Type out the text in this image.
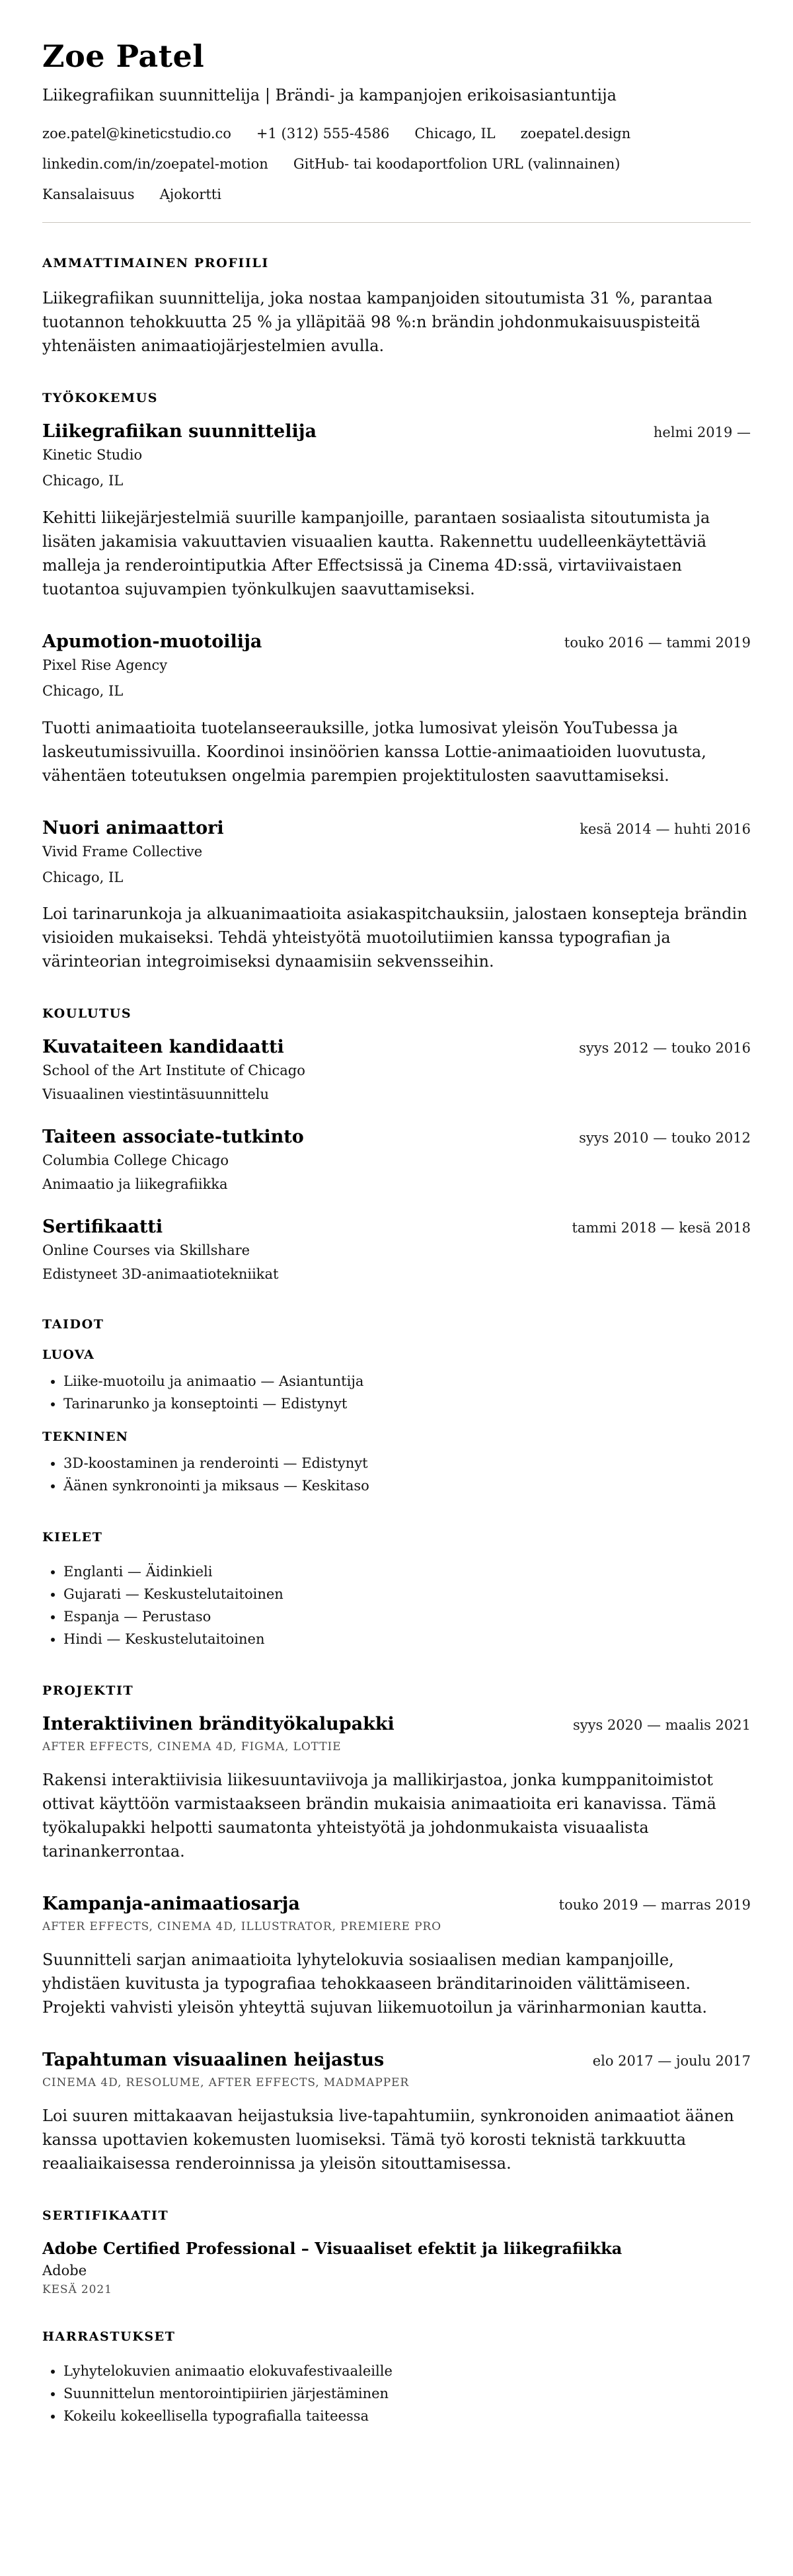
Zoe Patel
Liikegrafiikan suunnittelija | Brändi- ja kampanjojen erikoisasiantuntija
zoe.patel@kineticstudio.co +1 (312) 555-4586 Chicago, IL zoepatel.design
linkedin.com/in/zoepatel-motion GitHub- tai koodaportfolion URL (valinnainen)
Kansalaisuus Ajokortti
AMMATTIMAINEN PROFIILI

Liikegrafiikan suunnittelija, joka nostaa kampanjoiden sitoutumista 31 %, parantaa tuotannon tehokkuutta 25 % ja ylläpitää 98 %:n brändin johdonmukaisuuspisteitä yhtenäisten animaatiojärjestelmien avulla.

TYÖKOKEMUS
Liikegrafiikan suunnittelija	helmi 2019 —
Kinetic Studio
Chicago, IL

Kehitti liikejärjestelmiä suurille kampanjoille, parantaen sosiaalista sitoutumista ja lisäten jakamisia vakuuttavien visuaalien kautta. Rakennettu uudelleenkäytettäviä malleja ja renderointiputkia After Effectsissä ja Cinema 4D:ssä, virtaviivaistaen tuotantoa sujuvampien työnkulkujen saavuttamiseksi.

Apumotion-muotoilija	touko 2016 — tammi 2019
Pixel Rise Agency
Chicago, IL

Tuotti animaatioita tuotelanseerauksille, jotka lumosivat yleisön YouTubessa ja laskeutumissivuilla. Koordinoi insinöörien kanssa Lottie-animaatioiden luovutusta, vähentäen toteutuksen ongelmia parempien projektitulosten saavuttamiseksi.

Nuori animaattori	kesä 2014 — huhti 2016
Vivid Frame Collective
Chicago, IL

Loi tarinarunkoja ja alkuanimaatioita asiakaspitchauksiin, jalostaen konsepteja brändin visioiden mukaiseksi. Tehdä yhteistyötä muotoilutiimien kanssa typografian ja värinteorian integroimiseksi dynaamisiin sekvensseihin.

KOULUTUS
Kuvataiteen kandidaatti	syys 2012 — touko 2016
School of the Art Institute of Chicago
Visuaalinen viestintäsuunnittelu
Taiteen associate-tutkinto	syys 2010 — touko 2012
Columbia College Chicago
Animaatio ja liikegrafiikka
Sertifikaatti	tammi 2018 — kesä 2018
Online Courses via Skillshare
Edistyneet 3D-animaatiotekniikat
TAIDOT
LUOVA
• Liike-muotoilu ja animaatio — Asiantuntija
• Tarinarunko ja konseptointi — Edistynyt
TEKNINEN
• 3D-koostaminen ja renderointi — Edistynyt
• Äänen synkronointi ja miksaus — Keskitaso
KIELET
• Englanti — Äidinkieli
• Gujarati — Keskustelutaitoinen
• Espanja — Perustaso
• Hindi — Keskustelutaitoinen
PROJEKTIT
Interaktiivinen brändityökalupakki	syys 2020 — maalis 2021
AFTER EFFECTS, CINEMA 4D, FIGMA, LOTTIE

Rakensi interaktiivisia liikesuuntaviivoja ja mallikirjastoa, jonka kumppanitoimistot ottivat käyttöön varmistaakseen brändin mukaisia animaatioita eri kanavissa. Tämä työkalupakki helpotti saumatonta yhteistyötä ja johdonmukaista visuaalista tarinankerrontaa.

Kampanja-animaatiosarja	touko 2019 — marras 2019
AFTER EFFECTS, CINEMA 4D, ILLUSTRATOR, PREMIERE PRO

Suunnitteli sarjan animaatioita lyhytelokuvia sosiaalisen median kampanjoille, yhdistäen kuvitusta ja typografiaa tehokkaaseen bränditarinoiden välittämiseen. Projekti vahvisti yleisön yhteyttä sujuvan liikemuotoilun ja värinharmonian kautta.

Tapahtuman visuaalinen heijastus	elo 2017 — joulu 2017
CINEMA 4D, RESOLUME, AFTER EFFECTS, MADMAPPER

Loi suuren mittakaavan heijastuksia live-tapahtumiin, synkronoiden animaatiot äänen kanssa upottavien kokemusten luomiseksi. Tämä työ korosti teknistä tarkkuutta reaaliaikaisessa renderoinnissa ja yleisön sitouttamisessa.

SERTIFIKAATIT
Adobe Certified Professional – Visuaaliset efektit ja liikegrafiikka
Adobe
KESÄ 2021
HARRASTUKSET
• Lyhytelokuvien animaatio elokuvafestivaaleille
• Suunnittelun mentorointipiirien järjestäminen
• Kokeilu kokeellisella typografialla taiteessa
